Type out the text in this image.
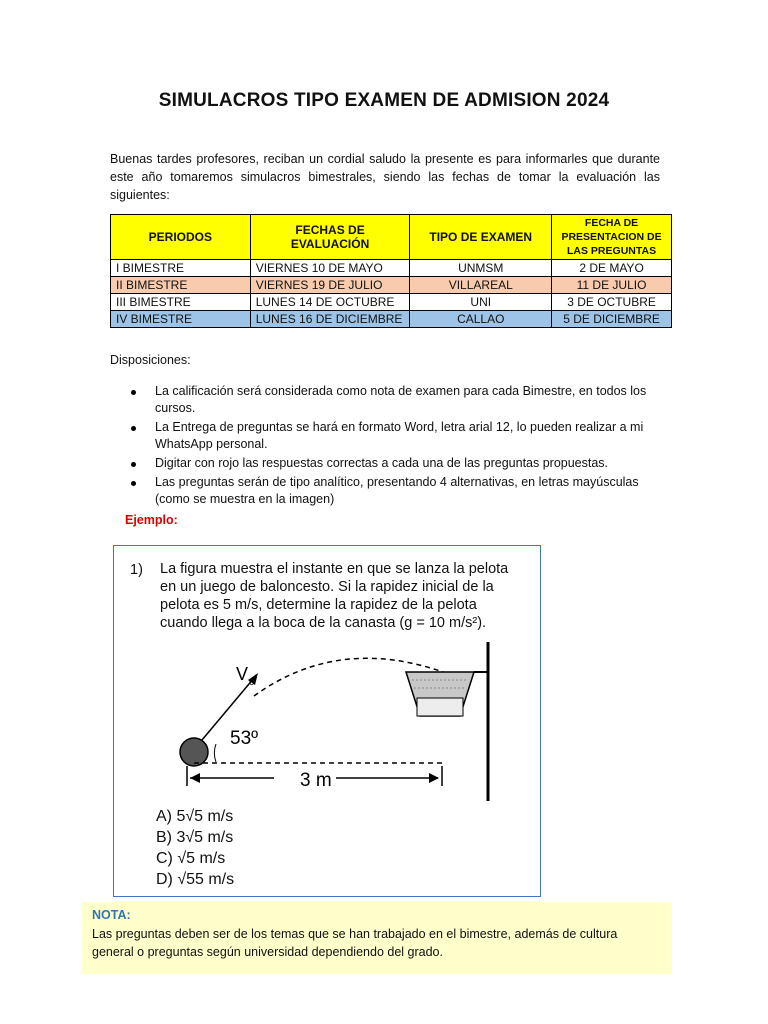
SIMULACROS TIPO EXAMEN DE ADMISION 2024
Buenas tardes profesores, reciban un cordial saludo la presente es para informarles que durante este año tomaremos simulacros bimestrales, siendo las fechas de tomar la evaluación las siguientes:
PERIODOS	FECHAS DE EVALUACIÓN	TIPO DE EXAMEN	FECHA DE PRESENTACION DE LAS PREGUNTAS
I BIMESTRE	VIERNES 10 DE MAYO	UNMSM	2 DE MAYO
II BIMESTRE	VIERNES 19 DE JULIO	VILLAREAL	11 DE JULIO
III BIMESTRE	LUNES 14 DE OCTUBRE	UNI	3 DE OCTUBRE
IV BIMESTRE	LUNES 16 DE DICIEMBRE	CALLAO	5 DE DICIEMBRE
Disposiciones:
La calificación será considerada como nota de examen para cada Bimestre, en todos los cursos.
La Entrega de preguntas se hará en formato Word, letra arial 12, lo pueden realizar a mi WhatsApp personal.
Digitar con rojo las respuestas correctas a cada una de las preguntas propuestas.
Las preguntas serán de tipo analítico, presentando 4 alternativas, en letras mayúsculas (como se muestra en la imagen)
Ejemplo:
1) La figura muestra el instante en que se lanza la pelota en un juego de baloncesto. Si la rapidez inicial de la pelota es 5 m/s, determine la rapidez de la pelota cuando llega a la boca de la canasta (g = 10 m/s²).
V 0
53º
3 m
A) 5√5 m/s
B) 3√5 m/s
C) √5 m/s
D) √55 m/s
NOTA:
Las preguntas deben ser de los temas que se han trabajado en el bimestre, además de cultura general o preguntas según universidad dependiendo del grado.
